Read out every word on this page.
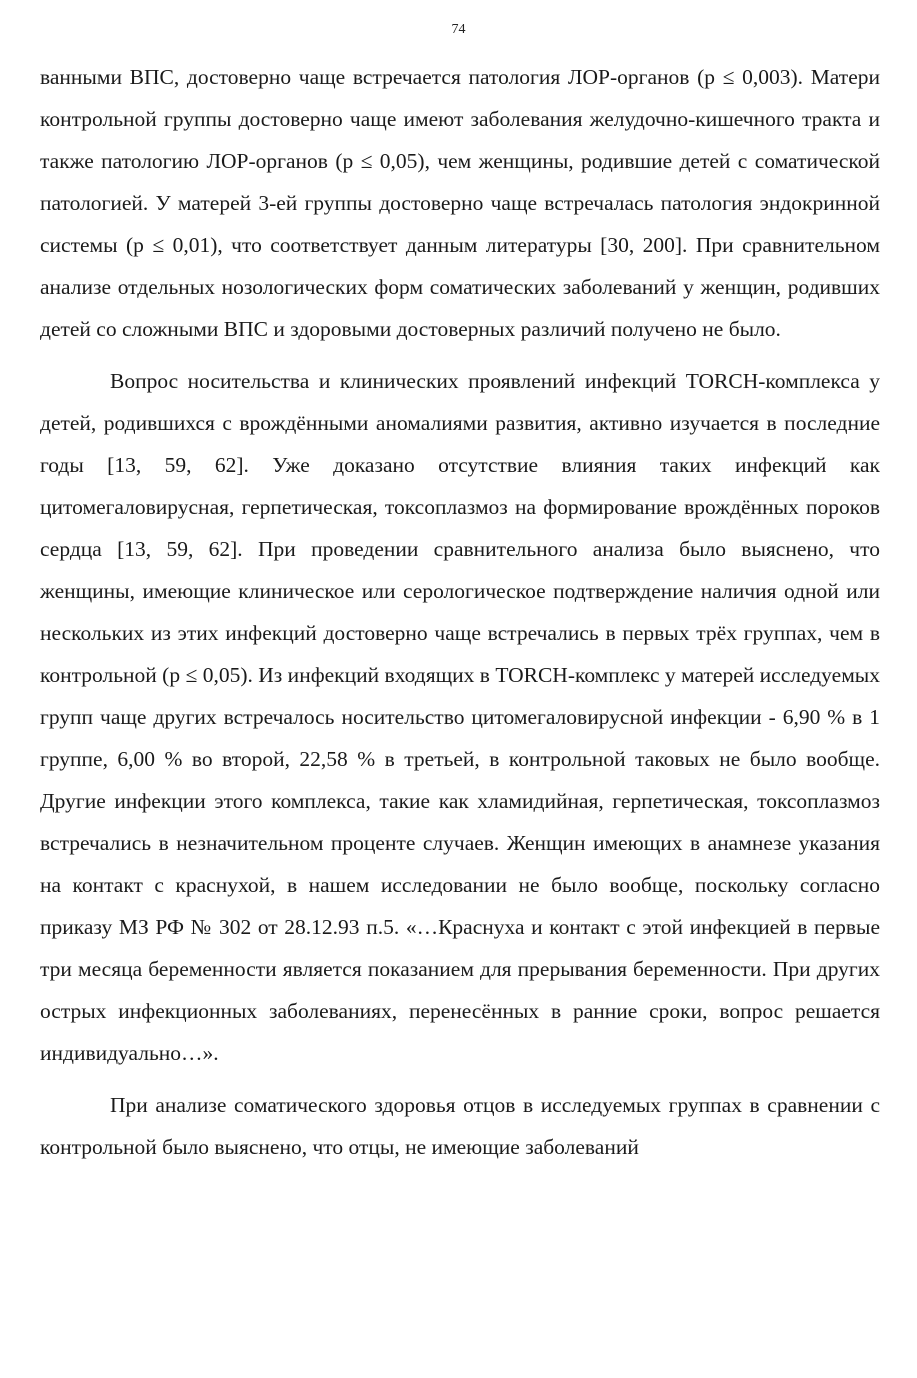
74

ванными ВПС, достоверно чаще встречается патология ЛОР-органов (p ≤ 0,003). Матери контрольной группы достоверно чаще имеют заболевания желудочно-кишечного тракта и также патологию ЛОР-органов (p ≤ 0,05), чем женщины, родившие детей с соматической патологией. У матерей 3-ей группы достоверно чаще встречалась патология эндокринной системы (p ≤ 0,01), что соответствует данным литературы [30, 200]. При сравнительном анализе отдельных нозологических форм соматических заболеваний у женщин, родивших детей со сложными ВПС и здоровыми достоверных различий получено не было.

Вопрос носительства и клинических проявлений инфекций TORCH-комплекса у детей, родившихся с врождёнными аномалиями развития, активно изучается в последние годы [13, 59, 62]. Уже доказано отсутствие влияния таких инфекций как цитомегаловирусная, герпетическая, токсоплазмоз на формирование врождённых пороков сердца [13, 59, 62]. При проведении сравнительного анализа было выяснено, что женщины, имеющие клиническое или серологическое подтверждение наличия одной или нескольких из этих инфекций достоверно чаще встречались в первых трёх группах, чем в контрольной (p ≤ 0,05). Из инфекций входящих в TORCH-комплекс у матерей исследуемых групп чаще других встречалось носительство цитомегаловирусной инфекции - 6,90 % в 1 группе, 6,00 % во второй, 22,58 % в третьей, в контрольной таковых не было вообще. Другие инфекции этого комплекса, такие как хламидийная, герпетическая, токсоплазмоз встречались в незначительном проценте случаев. Женщин имеющих в анамнезе указания на контакт с краснухой, в нашем исследовании не было вообще, поскольку согласно приказу МЗ РФ № 302 от 28.12.93 п.5. «…Краснуха и контакт с этой инфекцией в первые три месяца беременности является показанием для прерывания беременности. При других острых инфекционных заболеваниях, перенесённых в ранние сроки, вопрос решается индивидуально…».

При анализе соматического здоровья отцов в исследуемых группах в сравнении с контрольной было выяснено, что отцы, не имеющие заболеваний
